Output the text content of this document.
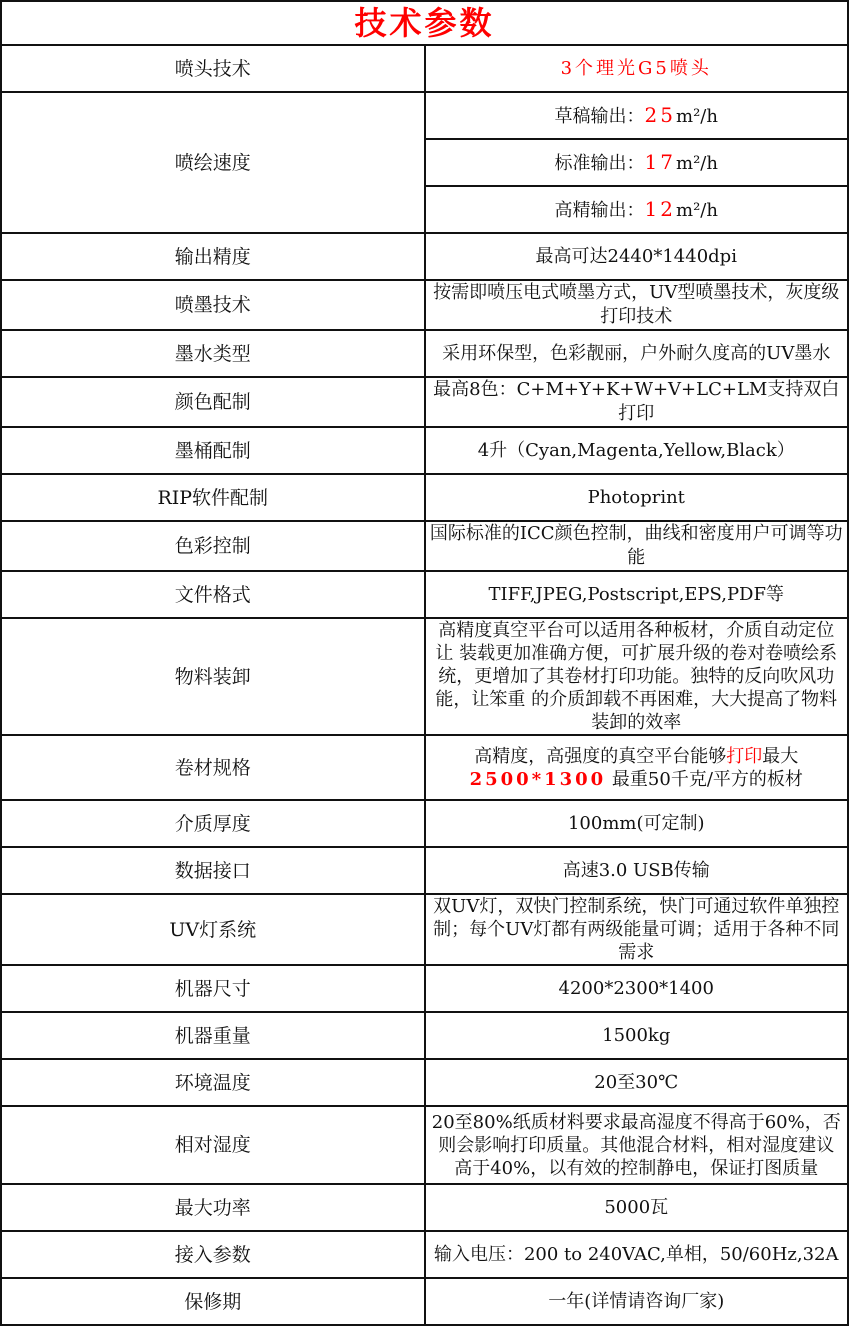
技术参数	
喷头技术	3个理光G5喷头
喷绘速度	草稿输出：25m²/h
	标准输出：17m²/h
	高精输出：12m²/h
输出精度	最高可达2440*1440dpi
喷墨技术	按需即喷压电式喷墨方式，UV型喷墨技术，灰度级打印技术
墨水类型	采用环保型，色彩靓丽，户外耐久度高的UV墨水
颜色配制	最高8色：C+M+Y+K+W+V+LC+LM支持双白打印
墨桶配制	4升（Cyan,Magenta,Yellow,Black）
RIP软件配制	Photoprint
色彩控制	国际标准的ICC颜色控制，曲线和密度用户可调等功能
文件格式	TIFF,JPEG,Postscript,EPS,PDF等
物料装卸	高精度真空平台可以适用各种板材，介质自动定位让 装载更加准确方便，可扩展升级的卷对卷喷绘系统，更增加了其卷材打印功能。独特的反向吹风功能，让笨重 的介质卸载不再困难，大大提高了物料装卸的效率
卷材规格	高精度，高强度的真空平台能够打印最大2500*1300 最重50千克/平方的板材
介质厚度	100mm(可定制)
数据接口	高速3.0 USB传输
UV灯系统	双UV灯，双快门控制系统，快门可通过软件单独控制；每个UV灯都有两级能量可调；适用于各种不同需求
机器尺寸	4200*2300*1400
机器重量	1500kg
环境温度	20至30℃
相对湿度	20至80%纸质材料要求最高湿度不得高于60%，否则会影响打印质量。其他混合材料，相对湿度建议高于40%，以有效的控制静电，保证打图质量
最大功率	5000瓦
接入参数	输入电压：200 to 240VAC,单相，50/60Hz,32A
保修期	一年(详情请咨询厂家)
